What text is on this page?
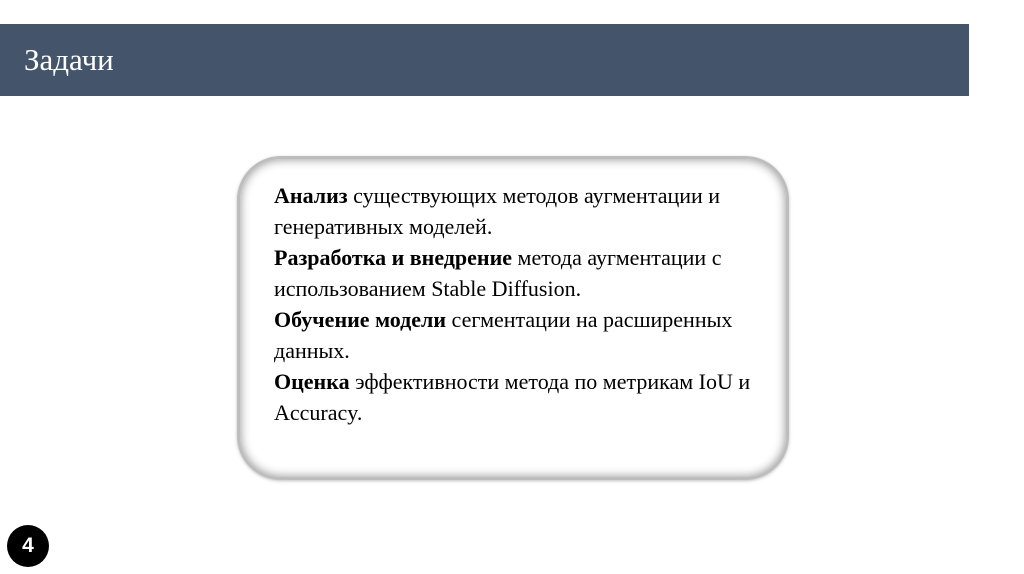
Задачи
Анализ существующих методов аугментации и генеративных моделей.
Разработка и внедрение метода аугментации с использованием Stable Diffusion.
Обучение модели сегментации на расширенных данных.
Оценка эффективности метода по метрикам IoU и Accuracy.
4
